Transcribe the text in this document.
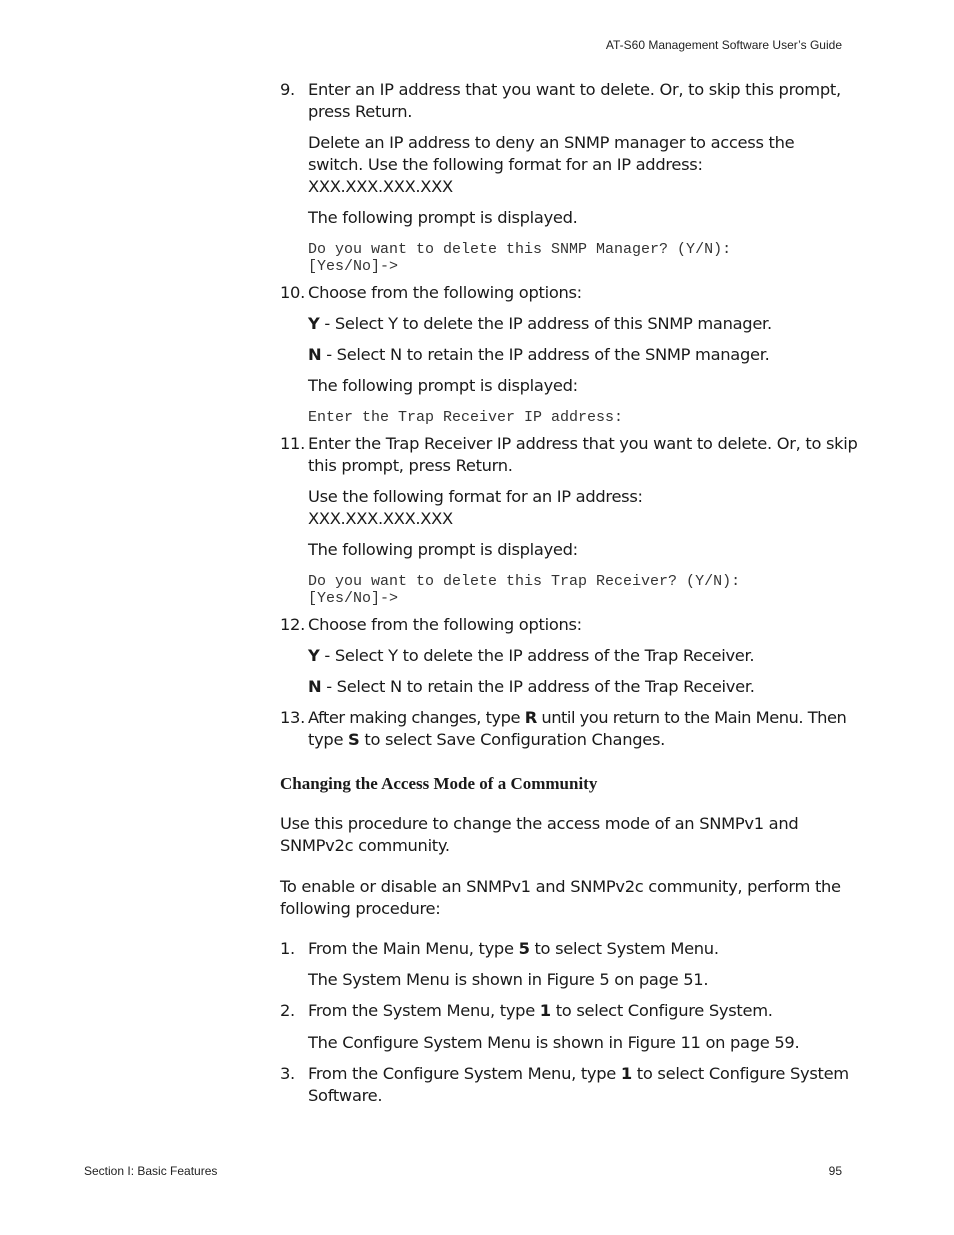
AT-S60 Management Software User’s Guide
9. Enter an IP address that you want to delete. Or, to skip this prompt,
press Return.
Delete an IP address to deny an SNMP manager to access the
switch. Use the following format for an IP address:
XXX.XXX.XXX.XXX
The following prompt is displayed.
Do you want to delete this SNMP Manager? (Y/N):
[Yes/No]->
10. Choose from the following options:
Y - Select Y to delete the IP address of this SNMP manager.
N - Select N to retain the IP address of the SNMP manager.
The following prompt is displayed:
Enter the Trap Receiver IP address:
11. Enter the Trap Receiver IP address that you want to delete. Or, to skip
this prompt, press Return.
Use the following format for an IP address:
XXX.XXX.XXX.XXX
The following prompt is displayed:
Do you want to delete this Trap Receiver? (Y/N):
[Yes/No]->
12. Choose from the following options:
Y - Select Y to delete the IP address of the Trap Receiver.
N - Select N to retain the IP address of the Trap Receiver.
13. After making changes, type R until you return to the Main Menu. Then
type S to select Save Configuration Changes.
Changing the Access Mode of a Community
Use this procedure to change the access mode of an SNMPv1 and
SNMPv2c community.
To enable or disable an SNMPv1 and SNMPv2c community, perform the
following procedure:
1. From the Main Menu, type 5 to select System Menu.
The System Menu is shown in Figure 5 on page 51.
2. From the System Menu, type 1 to select Configure System.
The Configure System Menu is shown in Figure 11 on page 59.
3. From the Configure System Menu, type 1 to select Configure System
Software.
Section I: Basic Features	95
